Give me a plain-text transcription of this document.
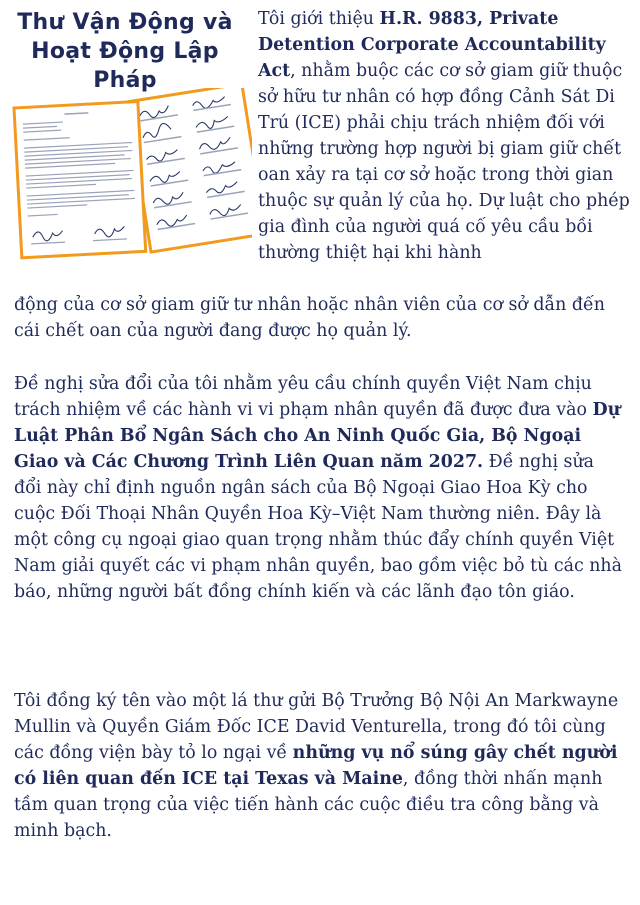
Thư Vận Động và Hoạt Động Lập Pháp

Tôi giới thiệu H.R. 9883, Private Detention Corporate Accountability Act, nhằm buộc các cơ sở giam giữ thuộc sở hữu tư nhân có hợp đồng Cảnh Sát Di Trú (ICE) phải chịu trách nhiệm đối với những trường hợp người bị giam giữ chết oan xảy ra tại cơ sở hoặc trong thời gian thuộc sự quản lý của họ. Dự luật cho phép gia đình của người quá cố yêu cầu bồi thường thiệt hại khi hành

động của cơ sở giam giữ tư nhân hoặc nhân viên của cơ sở dẫn đến cái chết oan của người đang được họ quản lý.

Đề nghị sửa đổi của tôi nhằm yêu cầu chính quyền Việt Nam chịu trách nhiệm về các hành vi vi phạm nhân quyền đã được đưa vào Dự Luật Phân Bổ Ngân Sách cho An Ninh Quốc Gia, Bộ Ngoại Giao và Các Chương Trình Liên Quan năm 2027. Đề nghị sửa đổi này chỉ định nguồn ngân sách của Bộ Ngoại Giao Hoa Kỳ cho cuộc Đối Thoại Nhân Quyền Hoa Kỳ–Việt Nam thường niên. Đây là một công cụ ngoại giao quan trọng nhằm thúc đẩy chính quyền Việt Nam giải quyết các vi phạm nhân quyền, bao gồm việc bỏ tù các nhà báo, những người bất đồng chính kiến và các lãnh đạo tôn giáo.

Tôi đồng ký tên vào một lá thư gửi Bộ Trưởng Bộ Nội An Markwayne Mullin và Quyền Giám Đốc ICE David Venturella, trong đó tôi cùng các đồng viện bày tỏ lo ngại về những vụ nổ súng gây chết người có liên quan đến ICE tại Texas và Maine, đồng thời nhấn mạnh tầm quan trọng của việc tiến hành các cuộc điều tra công bằng và minh bạch.
